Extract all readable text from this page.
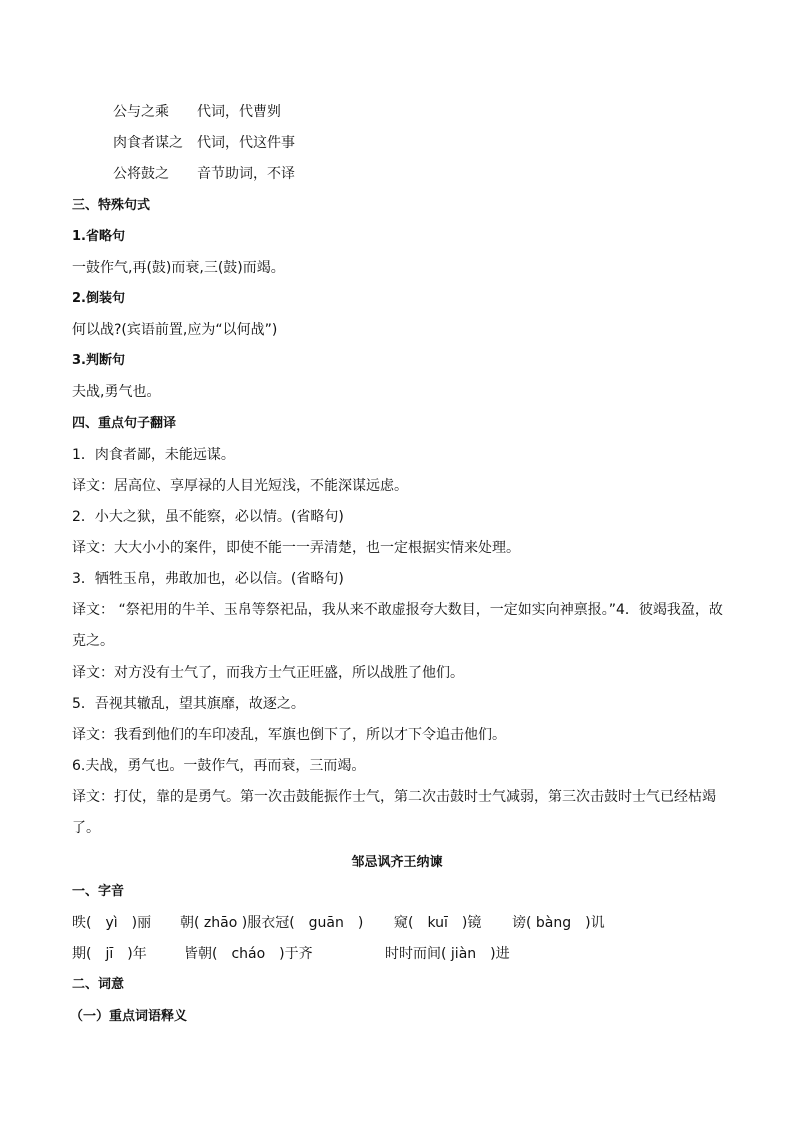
公与之乘 代词，代曹刿
肉食者谋之 代词，代这件事
公将鼓之 音节助词，不译
三、特殊句式
1.省略句
一鼓作气,再(鼓)而衰,三(鼓)而竭。
2.倒装句
何以战?(宾语前置,应为“以何战”)
3.判断句
夫战,勇气也。
四、重点句子翻译
1．肉食者鄙，未能远谋。
译文：居高位、享厚禄的人目光短浅，不能深谋远虑。
2．小大之狱，虽不能察，必以情。(省略句)
译文：大大小小的案件，即使不能一一弄清楚，也一定根据实情来处理。
3．牺牲玉帛，弗敢加也，必以信。(省略句)
译文： “祭祀用的牛羊、玉帛等祭祀品，我从来不敢虚报夸大数目，一定如实向神禀报。”4．彼竭我盈，故克之。
译文：对方没有士气了，而我方士气正旺盛，所以战胜了他们。
5．吾视其辙乱，望其旗靡，故逐之。
译文：我看到他们的车印凌乱，军旗也倒下了，所以才下令追击他们。
6.夫战，勇气也。一鼓作气，再而衰，三而竭。
译文：打仗，靠的是勇气。第一次击鼓能振作士气，第二次击鼓时士气减弱，第三次击鼓时士气已经枯竭了。
邹忌讽齐王纳谏
一、字音
昳(　yì　)丽 朝( zhāo )服衣冠(　guān　) 窥(　kuī　)镜 谤( bàng　)讥
期(　jī　)年	皆朝(　cháo　)于齐	时时而间( jiàn　)进
二、词意
（一）重点词语释义
